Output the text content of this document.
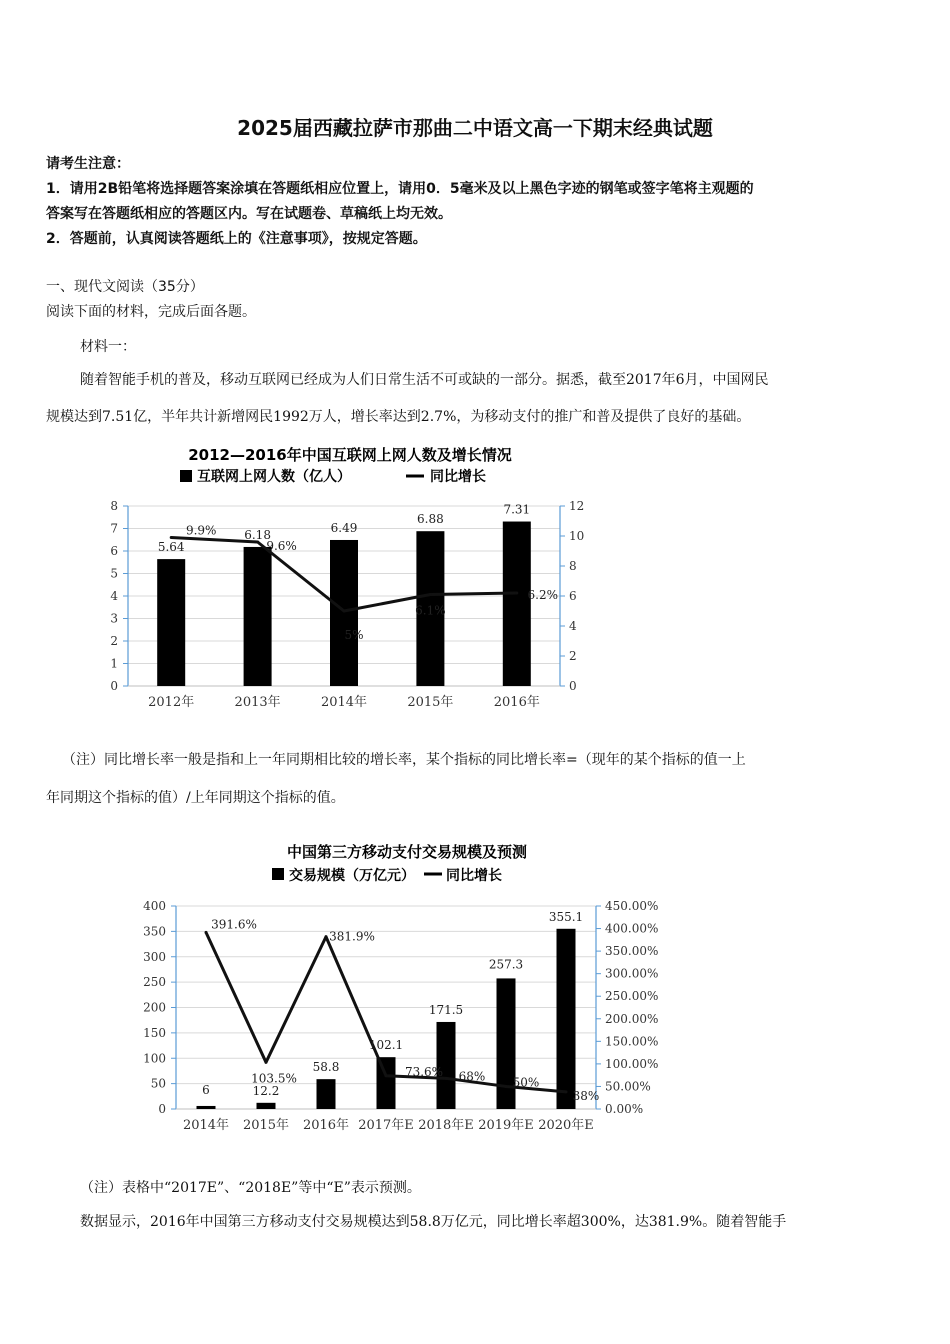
2025届西藏拉萨市那曲二中语文高一下期末经典试题
请考生注意：
1．请用2B铅笔将选择题答案涂填在答题纸相应位置上，请用0．5毫米及以上黑色字迹的钢笔或签字笔将主观题的
答案写在答题纸相应的答题区内。写在试题卷、草稿纸上均无效。
2．答题前，认真阅读答题纸上的《注意事项》，按规定答题。
一、现代文阅读（35分）
阅读下面的材料，完成后面各题。
材料一：
随着智能手机的普及，移动互联网已经成为人们日常生活不可或缺的一部分。据悉，截至2017年6月，中国网民
规模达到7.51亿，半年共计新增网民1992万人，增长率达到2.7%，为移动支付的推广和普及提供了良好的基础。
2012—2016年中国互联网上网人数及增长情况
互联网上网人数（亿人）	同比增长
0
1
2
3
4
5
6
7
8
0
2
4
6
8
10
12
5.64
6.18	6.49
6.88
7.31
2012年	2013年	2014年	2015年	2016年
9.9%
9.6%
5%
6.1%
6.2%
（注）同比增长率一般是指和上一年同期相比较的增长率，某个指标的同比增长率=（现年的某个指标的值一上
年同期这个指标的值）/上年同期这个指标的值。
中国第三方移动支付交易规模及预测
交易规模（万亿元） 同比增长
0
50
100
150
200
250
300
350
400
0.00%
50.00%
100.00%
150.00%
200.00%
250.00%
300.00%
350.00%
400.00%
450.00%
6	12.2
58.8
102.1
171.5
257.3
355.1
2014年 2015年 2016年 2017年E 2018年E 2019年E 2020年E
391.6%
103.5%
381.9%
73.6% 68% 50%
38%
（注）表格中“2017E”、“2018E”等中“E”表示预测。
数据显示，2016年中国第三方移动支付交易规模达到58.8万亿元，同比增长率超300%，达381.9%。随着智能手
